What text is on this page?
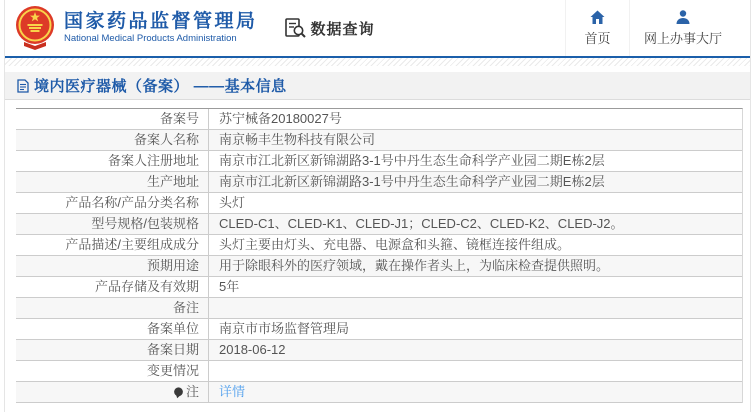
国家药品监督管理局
National Medical Products Administration
数据查询
首页	网上办事大厅
境内医疗器械（备案） ——基本信息
备案号	苏宁械备20180027号
备案人名称	南京畅丰生物科技有限公司
备案人注册地址	南京市江北新区新锦湖路3-1号中丹生态生命科学产业园二期E栋2层
生产地址	南京市江北新区新锦湖路3-1号中丹生态生命科学产业园二期E栋2层
产品名称/产品分类名称	头灯
型号规格/包装规格	CLED-C1、CLED-K1、CLED-J1；CLED-C2、CLED-K2、CLED-J2。
产品描述/主要组成成分	头灯主要由灯头、充电器、电源盒和头箍、镜框连接件组成。
预期用途	用于除眼科外的医疗领域，戴在操作者头上，为临床检查提供照明。
产品存储及有效期	5年
备注
备案单位	南京市市场监督管理局
备案日期	2018-06-12
变更情况
注	详情
